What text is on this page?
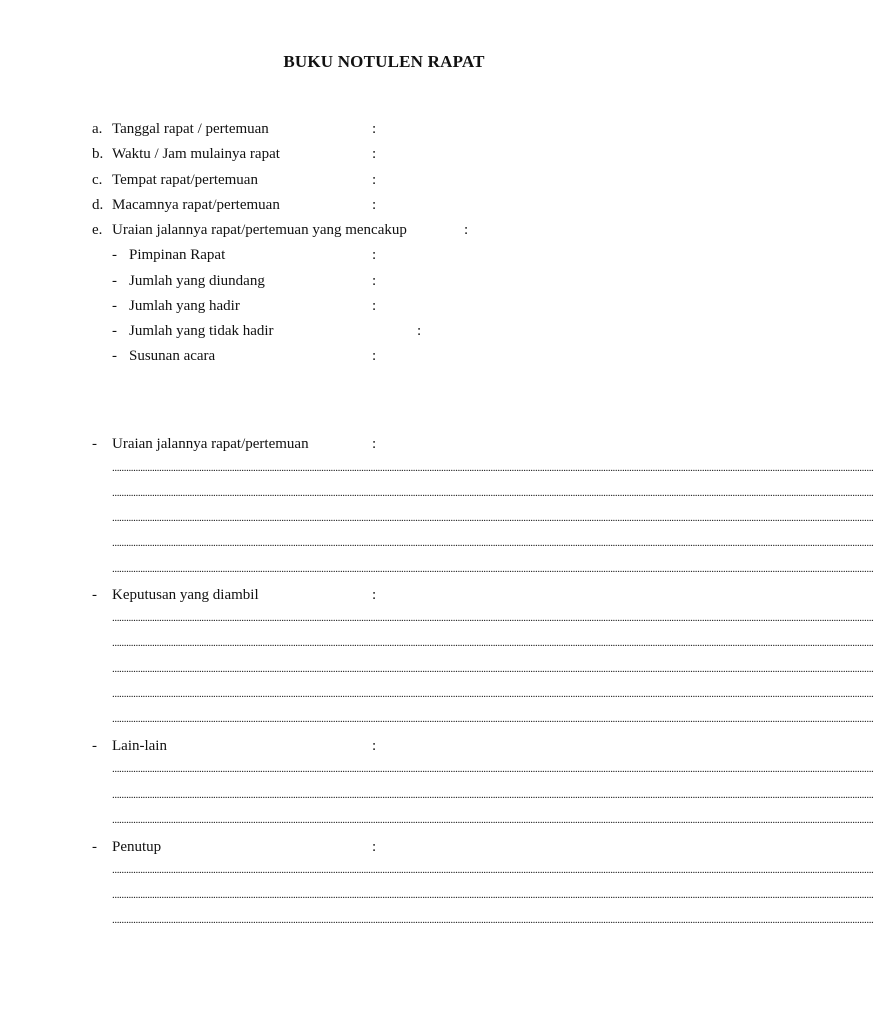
BUKU NOTULEN RAPAT
a. Tanggal rapat / pertemuan	:
b. Waktu / Jam mulainya rapat	:
c. Tempat rapat/pertemuan	:
d. Macamnya rapat/pertemuan	:
e. Uraian jalannya rapat/pertemuan yang mencakup	:
- Pimpinan Rapat	:
- Jumlah yang diundang	:
- Jumlah yang hadir	:
- Jumlah yang tidak hadir	:
- Susunan acara	:
- Uraian jalannya rapat/pertemuan	:
....................................................................................................................................................................................................................................................................................................................................
....................................................................................................................................................................................................................................................................................................................................
....................................................................................................................................................................................................................................................................................................................................
....................................................................................................................................................................................................................................................................................................................................
....................................................................................................................................................................................................................................................................................................................................
- Keputusan yang diambil	:
....................................................................................................................................................................................................................................................................................................................................
....................................................................................................................................................................................................................................................................................................................................
....................................................................................................................................................................................................................................................................................................................................
....................................................................................................................................................................................................................................................................................................................................
....................................................................................................................................................................................................................................................................................................................................
- Lain-lain	:
....................................................................................................................................................................................................................................................................................................................................
....................................................................................................................................................................................................................................................................................................................................
....................................................................................................................................................................................................................................................................................................................................
- Penutup	:
....................................................................................................................................................................................................................................................................................................................................
....................................................................................................................................................................................................................................................................................................................................
....................................................................................................................................................................................................................................................................................................................................
